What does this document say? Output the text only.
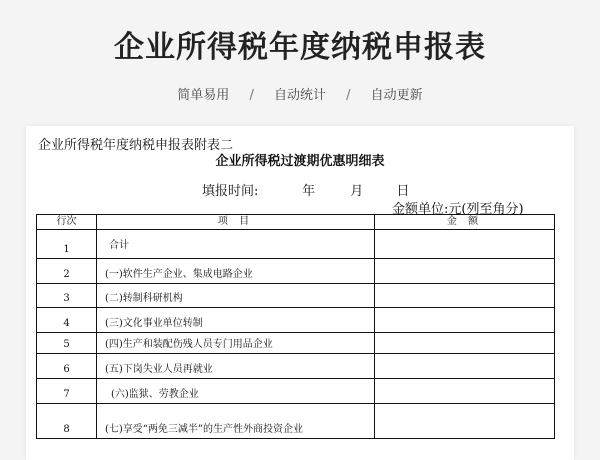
企业所得税年度纳税申报表
简单易用 / 自动统计 / 自动更新
企业所得税年度纳税申报表附表二
企业所得税过渡期优惠明细表
填报时间:	年	月	日
金额单位:元(列至角分)
行次	项 目	金 额
1	合计
2	(一)软件生产企业、集成电路企业
3	(二)转制科研机构
4	(三)文化事业单位转制
5	(四)生产和装配伤残人员专门用品企业
6	(五)下岗失业人员再就业
7	(六)监狱、劳教企业
8	(七)享受“两免三减半”的生产性外商投资企业
